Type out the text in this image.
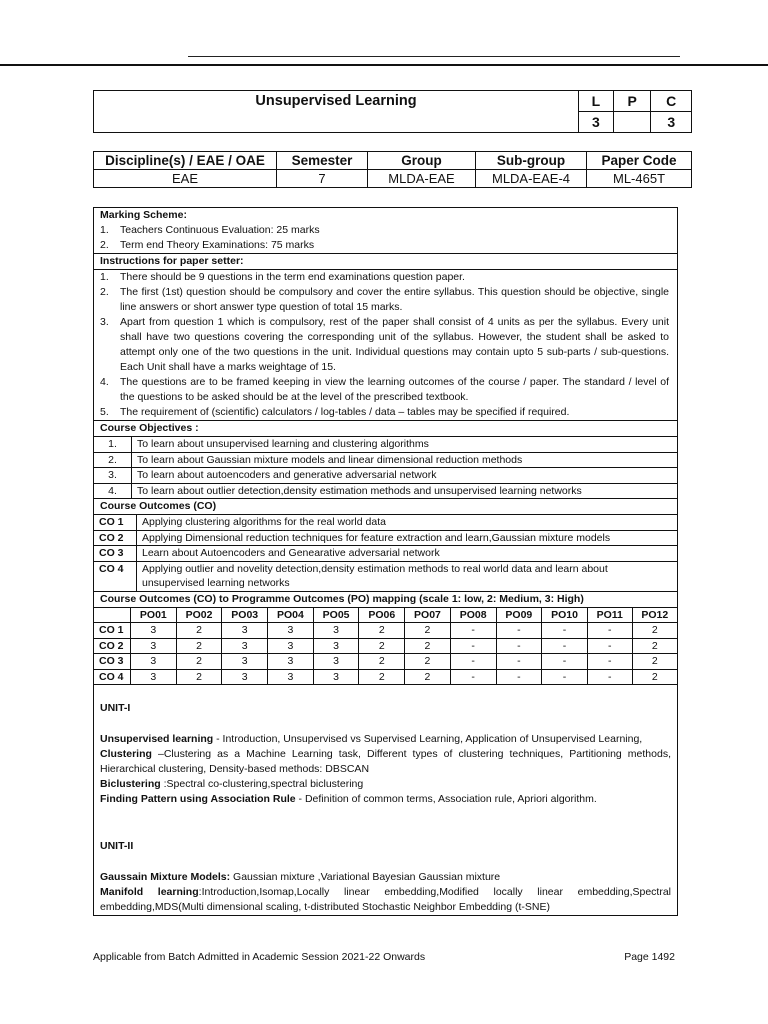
Unsupervised Learning	L	P	C
	3		3
Discipline(s) / EAE / OAE	Semester	Group	Sub-group	Paper Code
EAE	7	MLDA-EAE	MLDA-EAE-4	ML-465T
Marking Scheme:
1.	Teachers Continuous Evaluation: 25 marks
2.	Term end Theory Examinations: 75 marks
Instructions for paper setter:
1.	There should be 9 questions in the term end examinations question paper.
2.	The first (1st) question should be compulsory and cover the entire syllabus. This question should be objective, single line answers or short answer type question of total 15 marks.
3.	Apart from question 1 which is compulsory, rest of the paper shall consist of 4 units as per the syllabus. Every unit shall have two questions covering the corresponding unit of the syllabus. However, the student shall be asked to attempt only one of the two questions in the unit. Individual questions may contain upto 5 sub-parts / sub-questions. Each Unit shall have a marks weightage of 15.
4.	The questions are to be framed keeping in view the learning outcomes of the course / paper. The standard / level of the questions to be asked should be at the level of the prescribed textbook.
5.	The requirement of (scientific) calculators / log-tables / data – tables may be specified if required.
Course Objectives :
1.	To learn about unsupervised learning and clustering algorithms
2.	To learn about Gaussian mixture models and linear dimensional reduction methods
3.	To learn about autoencoders and generative adversarial network
4.	To learn about outlier detection,density estimation methods and unsupervised learning networks
Course Outcomes (CO)
CO 1	Applying clustering algorithms for the real world data
CO 2	Applying Dimensional reduction techniques for feature extraction and learn,Gaussian mixture models
CO 3	Learn about Autoencoders and Genearative adversarial network
CO 4	Applying outlier and novelity detection,density estimation methods to real world data and learn about unsupervised learning networks
Course Outcomes (CO) to Programme Outcomes (PO) mapping (scale 1: low, 2: Medium, 3: High)
	PO01	PO02	PO03	PO04	PO05	PO06	PO07	PO08	PO09	PO10	PO11	PO12
CO 1	3	2	3	3	3	2	2	-	-	-	-	2
CO 2	3	2	3	3	3	2	2	-	-	-	-	2
CO 3	3	2	3	3	3	2	2	-	-	-	-	2
CO 4	3	2	3	3	3	2	2	-	-	-	-	2

UNIT-I

Unsupervised learning - Introduction, Unsupervised vs Supervised Learning, Application of Unsupervised Learning,

Clustering –Clustering as a Machine Learning task, Different types of clustering techniques, Partitioning methods, Hierarchical clustering, Density-based methods: DBSCAN

Biclustering :Spectral co-clustering,spectral biclustering

Finding Pattern using Association Rule - Definition of common terms, Association rule, Apriori algorithm.

UNIT-II

Gaussain Mixture Models: Gaussian mixture ,Variational Bayesian Gaussian mixture

Manifold learning:Introduction,Isomap,Locally linear embedding,Modified locally linear embedding,Spectral embedding,MDS(Multi dimensional scaling, t-distributed Stochastic Neighbor Embedding (t-SNE)

Applicable from Batch Admitted in Academic Session 2021-22 Onwards	Page 1492
